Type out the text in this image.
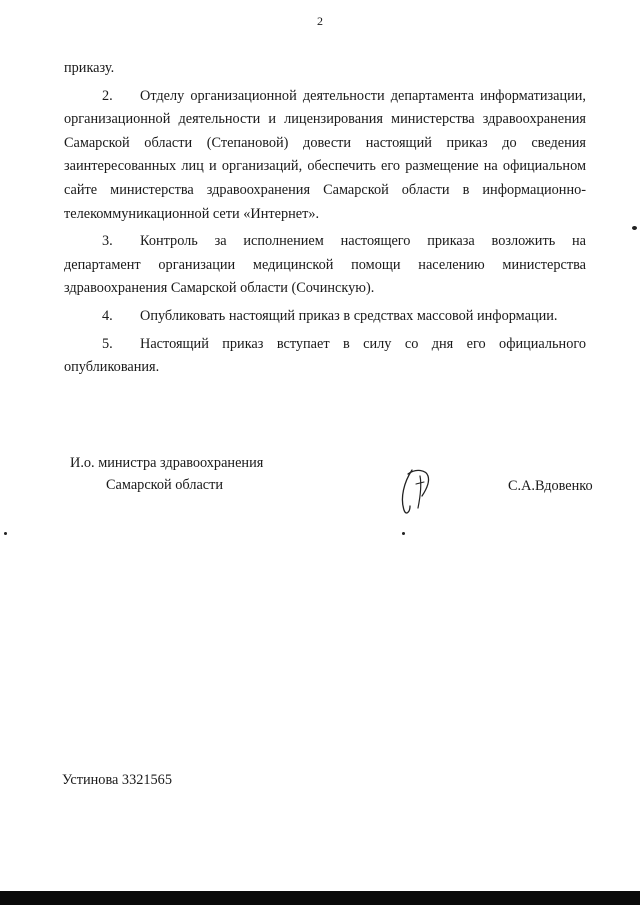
2

приказу.

2. Отделу организационной деятельности департамента информатизации, организационной деятельности и лицензирования министерства здравоохранения Самарской области (Степановой) довести настоящий приказ до сведения заинтересованных лиц и организаций, обеспечить его размещение на официальном сайте министерства здравоохранения Самарской области в информационно-телекоммуникационной сети «Интернет».

3. Контроль за исполнением настоящего приказа возложить на департамент организации медицинской помощи населению министерства здравоохранения Самарской области (Сочинскую).

4. Опубликовать настоящий приказ в средствах массовой информации.

5. Настоящий приказ вступает в силу со дня его официального опубликования.

И.о. министра здравоохранения
Самарской области	С.А.Вдовенко
Устинова 3321565
